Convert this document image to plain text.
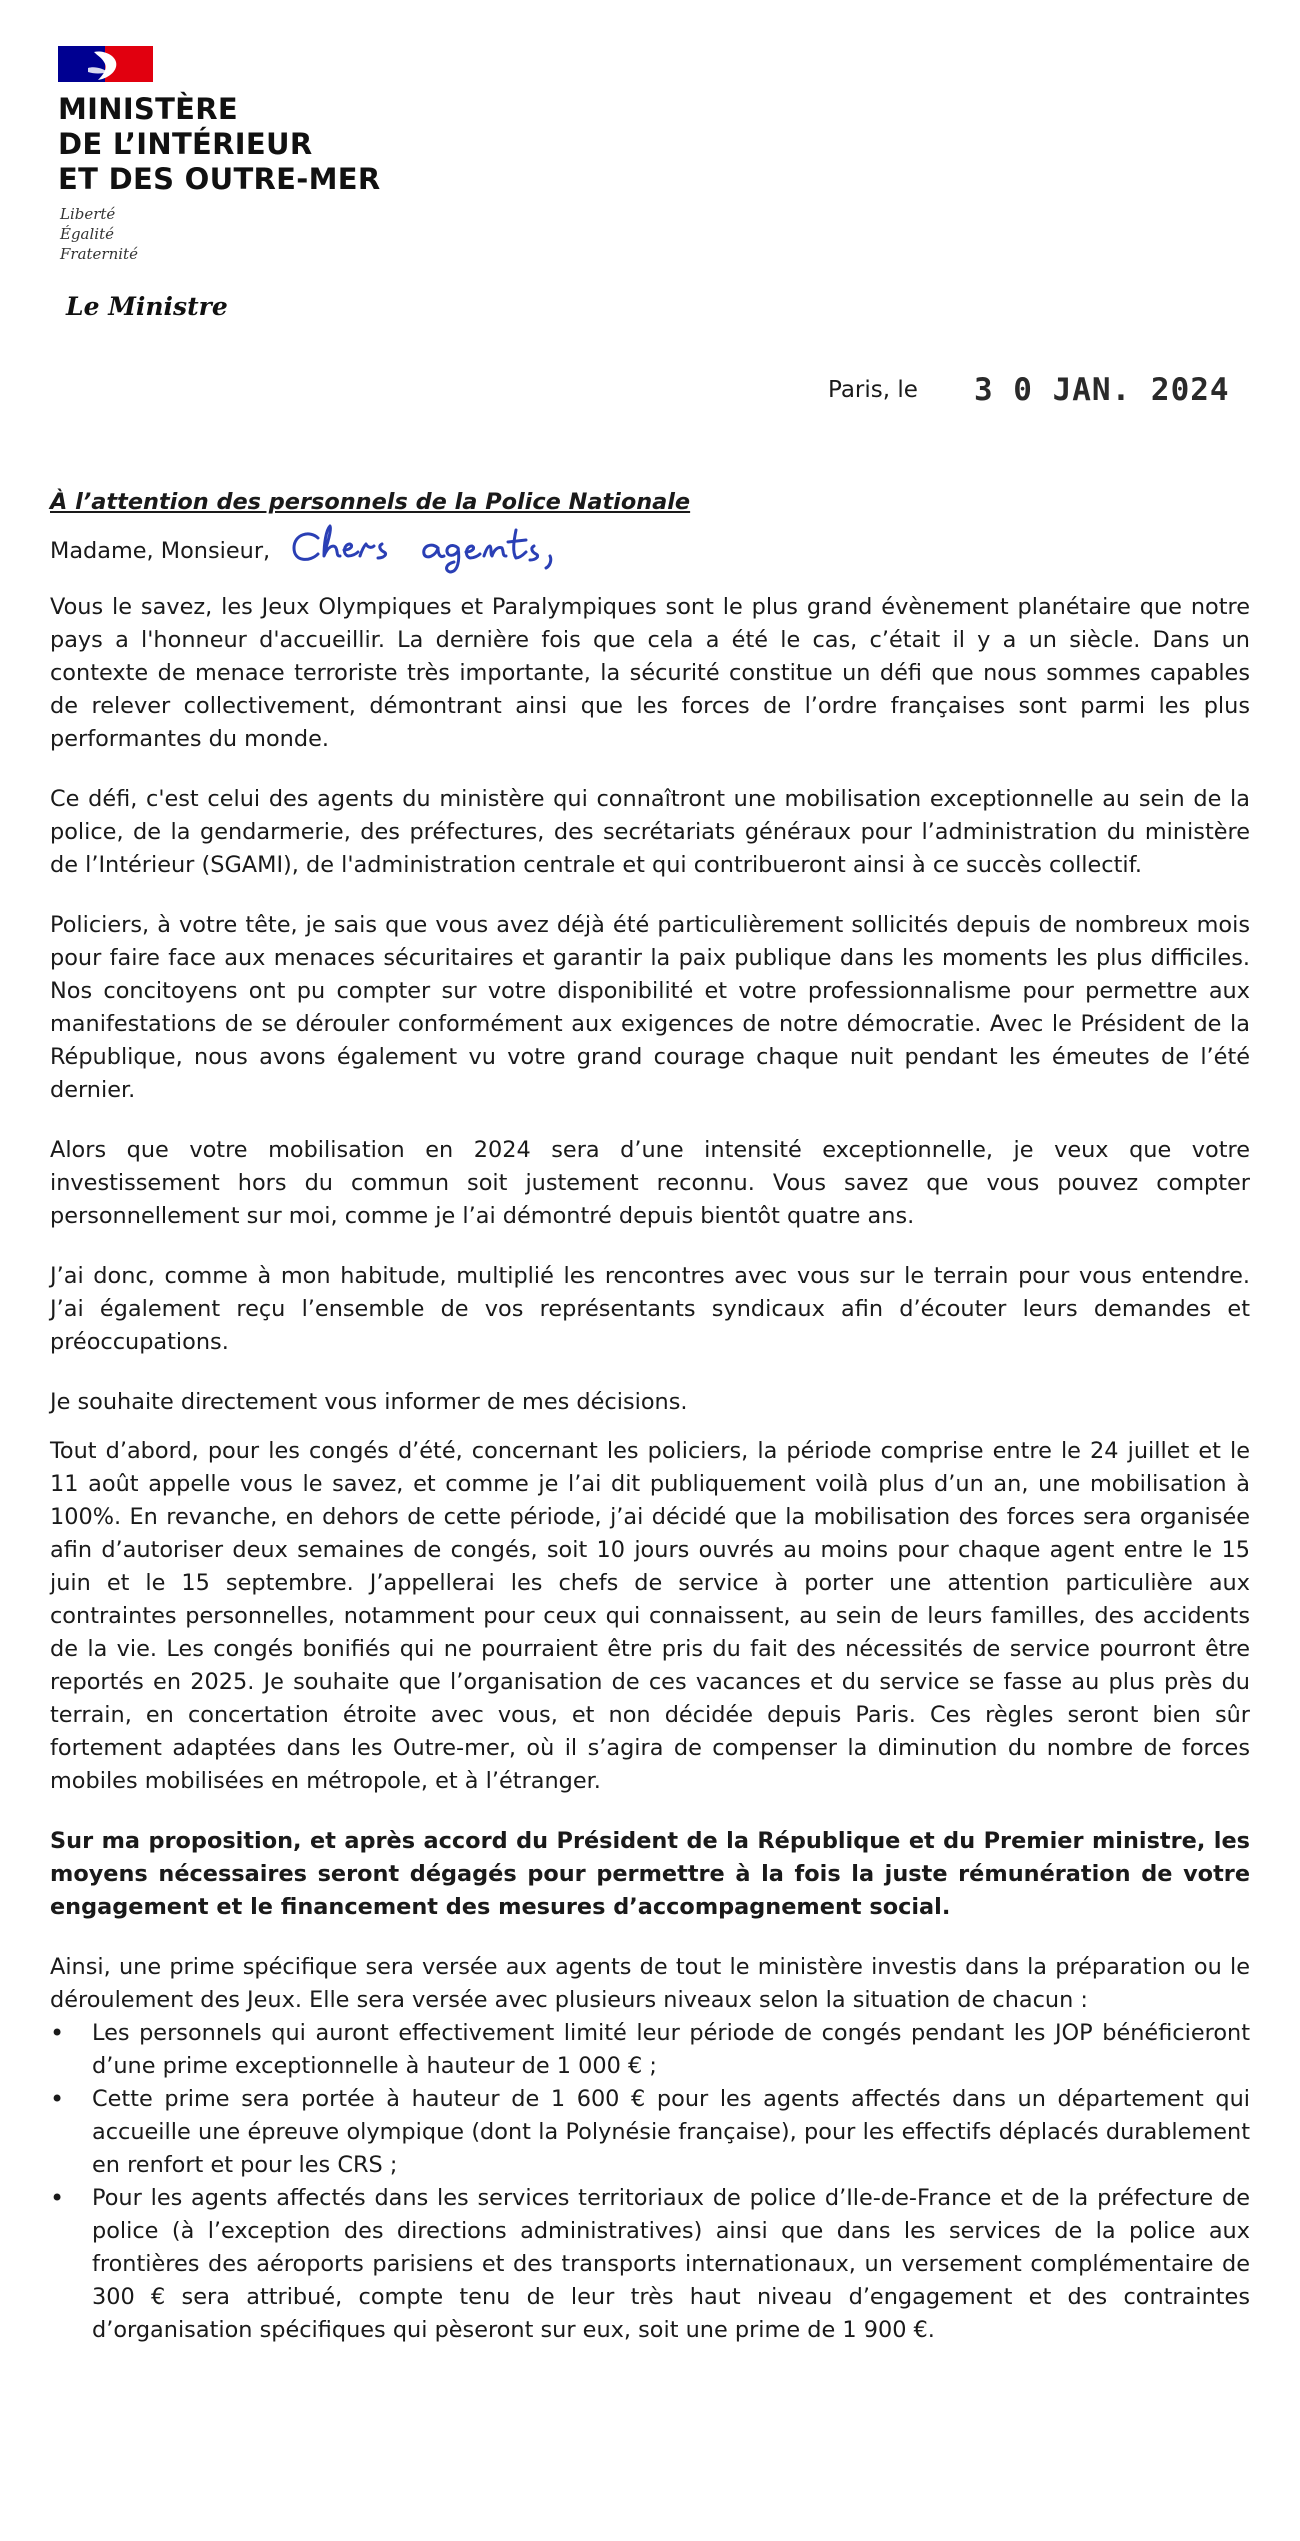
MINISTÈRE
DE L’INTÉRIEUR
ET DES OUTRE-MER
Liberté
Égalité
Fraternité
Le Ministre
Paris, le 3 0 JAN. 2024
À l’attention des personnels de la Police Nationale
Madame, Monsieur,

Vous le savez, les Jeux Olympiques et Paralympiques sont le plus grand évènement planétaire que notre pays a l'honneur d'accueillir. La dernière fois que cela a été le cas, c’était il y a un siècle. Dans un contexte de menace terroriste très importante, la sécurité constitue un défi que nous sommes capables de relever collectivement, démontrant ainsi que les forces de l’ordre françaises sont parmi les plus performantes du monde.

Ce défi, c'est celui des agents du ministère qui connaîtront une mobilisation exceptionnelle au sein de la police, de la gendarmerie, des préfectures, des secrétariats généraux pour l’administration du ministère de l’Intérieur (SGAMI), de l'administration centrale et qui contribueront ainsi à ce succès collectif.

Policiers, à votre tête, je sais que vous avez déjà été particulièrement sollicités depuis de nombreux mois pour faire face aux menaces sécuritaires et garantir la paix publique dans les moments les plus difficiles. Nos concitoyens ont pu compter sur votre disponibilité et votre professionnalisme pour permettre aux manifestations de se dérouler conformément aux exigences de notre démocratie. Avec le Président de la République, nous avons également vu votre grand courage chaque nuit pendant les émeutes de l’été dernier.

Alors que votre mobilisation en 2024 sera d’une intensité exceptionnelle, je veux que votre investissement hors du commun soit justement reconnu. Vous savez que vous pouvez compter personnellement sur moi, comme je l’ai démontré depuis bientôt quatre ans.

J’ai donc, comme à mon habitude, multiplié les rencontres avec vous sur le terrain pour vous entendre. J’ai également reçu l’ensemble de vos représentants syndicaux afin d’écouter leurs demandes et préoccupations.

Je souhaite directement vous informer de mes décisions.

Tout d’abord, pour les congés d’été, concernant les policiers, la période comprise entre le 24 juillet et le 11 août appelle vous le savez, et comme je l’ai dit publiquement voilà plus d’un an, une mobilisation à 100%. En revanche, en dehors de cette période, j’ai décidé que la mobilisation des forces sera organisée afin d’autoriser deux semaines de congés, soit 10 jours ouvrés au moins pour chaque agent entre le 15 juin et le 15 septembre. J’appellerai les chefs de service à porter une attention particulière aux contraintes personnelles, notamment pour ceux qui connaissent, au sein de leurs familles, des accidents de la vie. Les congés bonifiés qui ne pourraient être pris du fait des nécessités de service pourront être reportés en 2025. Je souhaite que l’organisation de ces vacances et du service se fasse au plus près du terrain, en concertation étroite avec vous, et non décidée depuis Paris. Ces règles seront bien sûr fortement adaptées dans les Outre-mer, où il s’agira de compenser la diminution du nombre de forces mobiles mobilisées en métropole, et à l’étranger.

Sur ma proposition, et après accord du Président de la République et du Premier ministre, les moyens nécessaires seront dégagés pour permettre à la fois la juste rémunération de votre engagement et le financement des mesures d’accompagnement social.

Ainsi, une prime spécifique sera versée aux agents de tout le ministère investis dans la préparation ou le déroulement des Jeux. Elle sera versée avec plusieurs niveaux selon la situation de chacun :

• Les personnels qui auront effectivement limité leur période de congés pendant les JOP bénéficieront d’une prime exceptionnelle à hauteur de 1 000 € ;
• Cette prime sera portée à hauteur de 1 600 € pour les agents affectés dans un département qui accueille une épreuve olympique (dont la Polynésie française), pour les effectifs déplacés durablement en renfort et pour les CRS ;
• Pour les agents affectés dans les services territoriaux de police d’Ile-de-France et de la préfecture de police (à l’exception des directions administratives) ainsi que dans les services de la police aux frontières des aéroports parisiens et des transports internationaux, un versement complémentaire de 300 € sera attribué, compte tenu de leur très haut niveau d’engagement et des contraintes d’organisation spécifiques qui pèseront sur eux, soit une prime de 1 900 €.
